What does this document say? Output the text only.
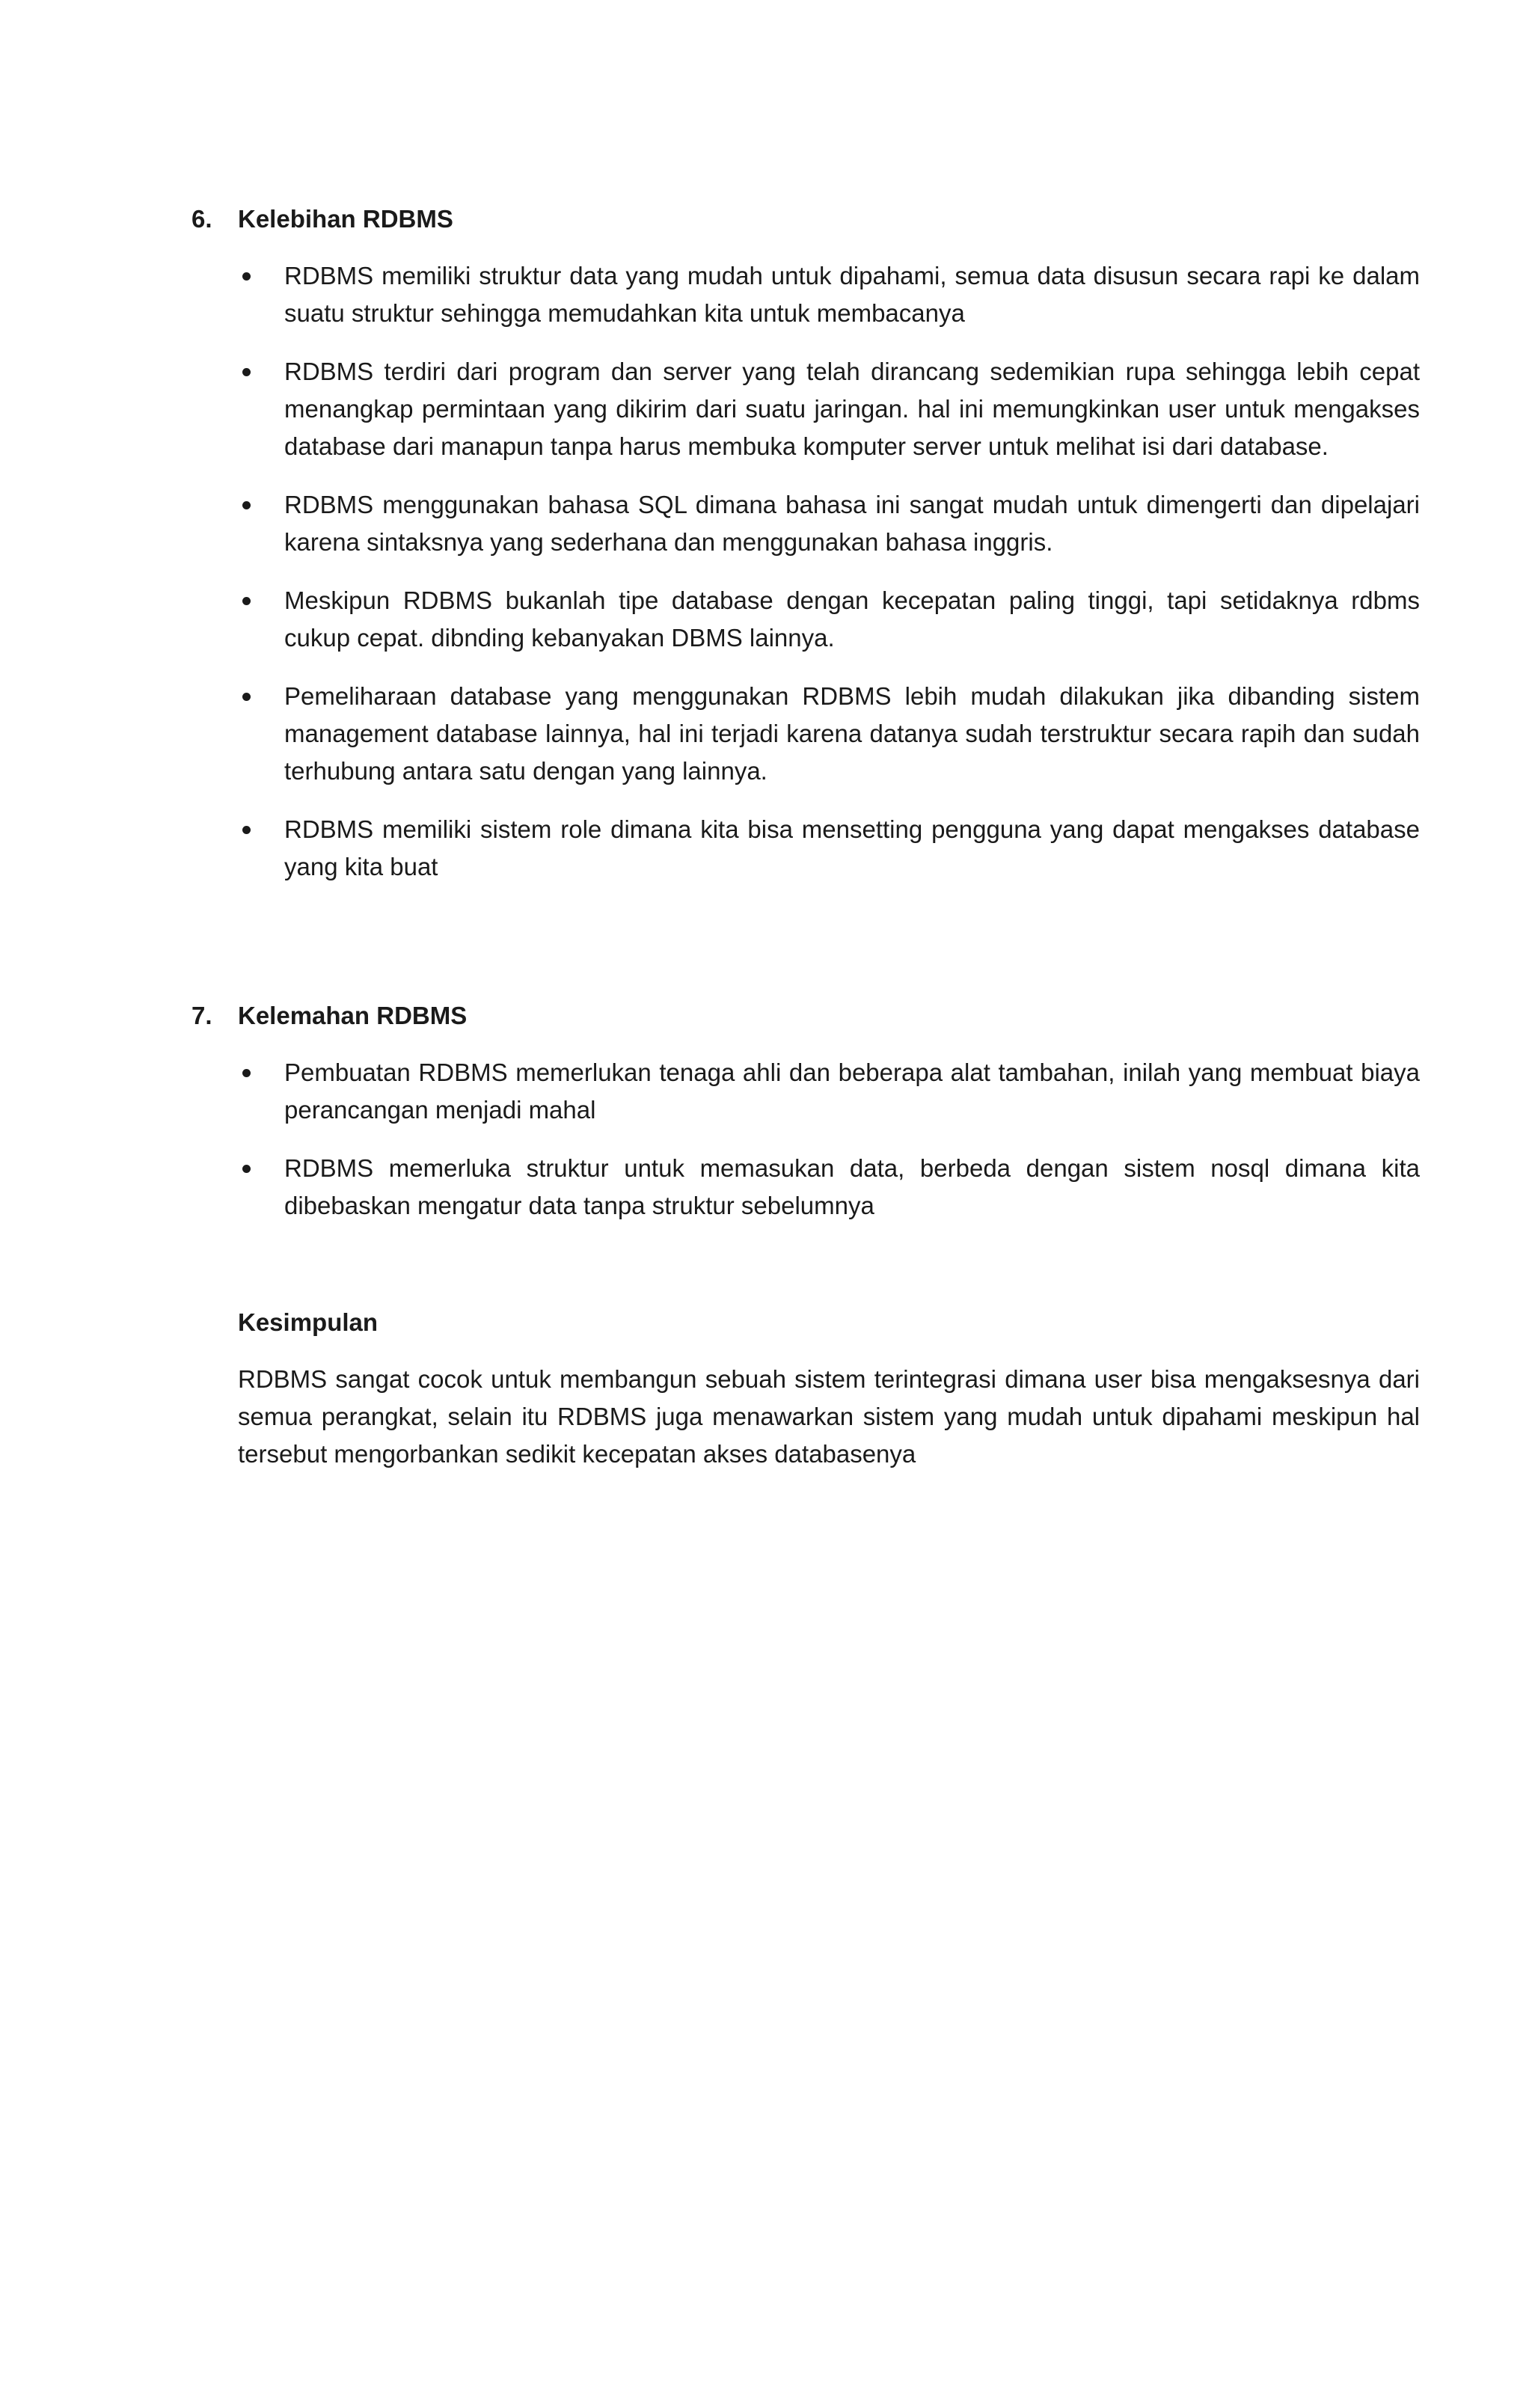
6.	Kelebihan RDBMS
RDBMS memiliki struktur data yang mudah untuk dipahami, semua data disusun secara rapi ke dalam suatu struktur sehingga memudahkan kita untuk membacanya
RDBMS terdiri dari program dan server yang telah dirancang sedemikian rupa sehingga lebih cepat menangkap permintaan yang dikirim dari suatu jaringan. hal ini memungkinkan user untuk mengakses database dari manapun tanpa harus membuka komputer server untuk melihat isi dari database.
RDBMS menggunakan bahasa SQL dimana bahasa ini sangat mudah untuk dimengerti dan dipelajari karena sintaksnya yang sederhana dan menggunakan bahasa inggris.
Meskipun RDBMS bukanlah tipe database dengan kecepatan paling tinggi, tapi setidaknya rdbms cukup cepat. dibnding kebanyakan DBMS lainnya.
Pemeliharaan database yang menggunakan RDBMS lebih mudah dilakukan jika dibanding sistem management database lainnya, hal ini terjadi karena datanya sudah terstruktur secara rapih dan sudah terhubung antara satu dengan yang lainnya.
RDBMS memiliki sistem role dimana kita bisa mensetting pengguna yang dapat mengakses database yang kita buat
7.	Kelemahan RDBMS
Pembuatan RDBMS memerlukan tenaga ahli dan beberapa alat tambahan, inilah yang membuat biaya perancangan menjadi mahal
RDBMS memerluka struktur untuk memasukan data, berbeda dengan sistem nosql dimana kita dibebaskan mengatur data tanpa struktur sebelumnya
Kesimpulan

RDBMS sangat cocok untuk membangun sebuah sistem terintegrasi dimana user bisa mengaksesnya dari semua perangkat, selain itu RDBMS juga menawarkan sistem yang mudah untuk dipahami meskipun hal tersebut mengorbankan sedikit kecepatan akses databasenya
